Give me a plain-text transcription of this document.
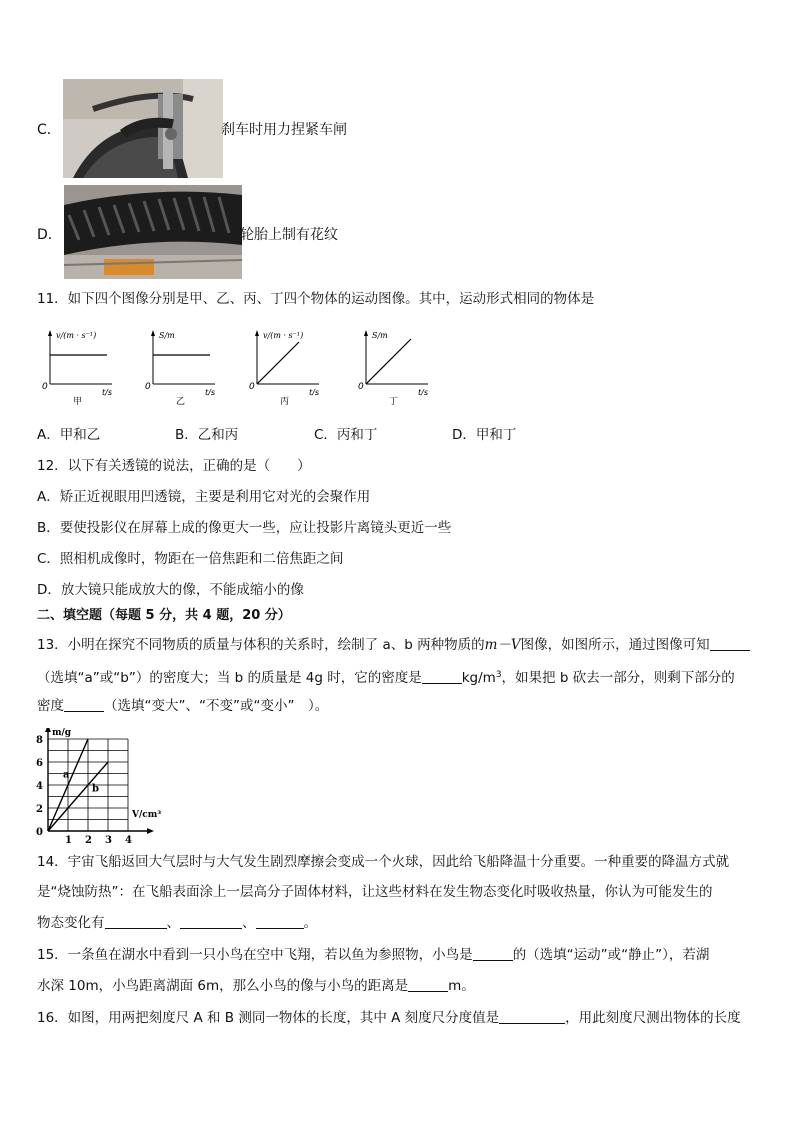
C．	刹车时用力捏紧车闸
D．	轮胎上制有花纹
11．如下四个图像分别是甲、乙、丙、丁四个物体的运动图像。其中，运动形式相同的物体是
v/(m · s⁻¹)
0
t/s
甲
S/m
0
t/s
乙
v/(m · s⁻¹)
0
t/s
丙
S/m
0
t/s
丁
A．甲和乙	B．乙和丙	C．丙和丁	D．甲和丁
12．以下有关透镜的说法，正确的是（　　）
A．矫正近视眼用凹透镜，主要是利用它对光的会聚作用
B．要使投影仪在屏幕上成的像更大一些，应让投影片离镜头更近一些
C．照相机成像时，物距在一倍焦距和二倍焦距之间
D．放大镜只能成放大的像，不能成缩小的像
二、填空题（每题 5 分，共 4 题，20 分）
13．小明在探究不同物质的质量与体积的关系时，绘制了 a、b 两种物质的m－V图像，如图所示，通过图像可知
（选填“a”或“b”）的密度大；当 b 的质量是 4g 时，它的密度是	$kg/m^3$，如果把 b 砍去一部分，则剩下部分的
密度	（选填“变大”、“不变”或“变小”　）。
1 2 3 4
0
2
4
6
8
m/g
V/cm³
a
b
14．宇宙飞船返回大气层时与大气发生剧烈摩擦会变成一个火球，因此给飞船降温十分重要。一种重要的降温方式就
是“烧蚀防热”：在飞船表面涂上一层高分子固体材料，让这些材料在发生物态变化时吸收热量，你认为可能发生的
物态变化有	、	、	。
15．一条鱼在湖水中看到一只小鸟在空中飞翔，若以鱼为参照物，小鸟是	的（选填“运动”或“静止”），若湖
水深 10m，小鸟距离湖面 6m，那么小鸟的像与小鸟的距离是	m。
16．如图，用两把刻度尺 A 和 B 测同一物体的长度，其中 A 刻度尺分度值是	，用此刻度尺测出物体的长度
